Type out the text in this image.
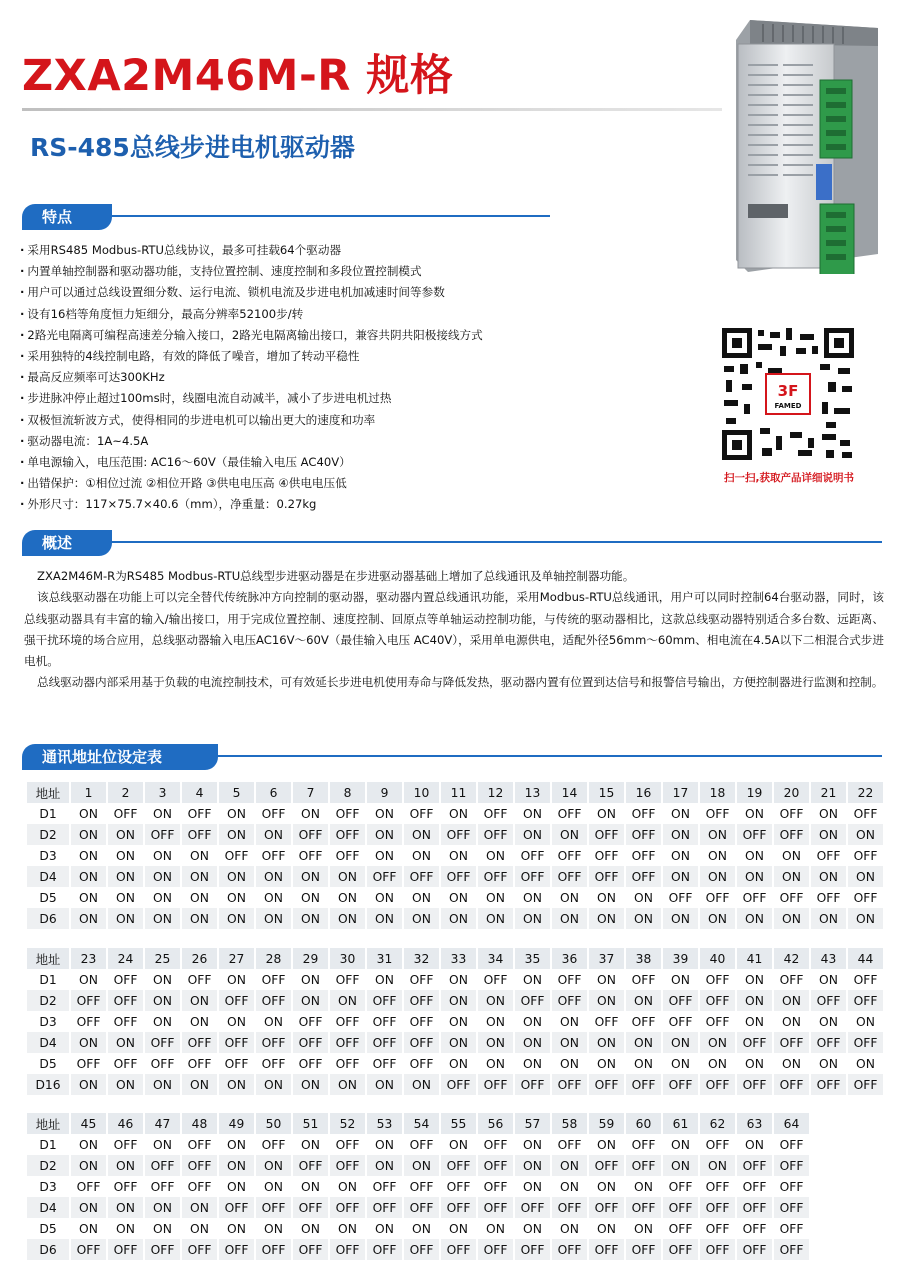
ZXA2M46M-R 规格
RS-485总线步进电机驱动器
3F
FAMED
扫一扫,获取产品详细说明书
特点
· 采用RS485 Modbus-RTU总线协议，最多可挂载64个驱动器
· 内置单轴控制器和驱动器功能，支持位置控制、速度控制和多段位置控制模式
· 用户可以通过总线设置细分数、运行电流、锁机电流及步进电机加减速时间等参数
· 设有16档等角度恒力矩细分，最高分辨率52100步/转
· 2路光电隔离可编程高速差分输入接口，2路光电隔离输出接口，兼容共阴共阳极接线方式
· 采用独特的4线控制电路，有效的降低了噪音，增加了转动平稳性
· 最高反应频率可达300KHz
· 步进脉冲停止超过100ms时，线圈电流自动减半，减小了步进电机过热
· 双极恒流斩波方式，使得相同的步进电机可以输出更大的速度和功率
· 驱动器电流：1A~4.5A
· 单电源输入，电压范围: AC16～60V（最佳输入电压 AC40V）
· 出错保护：①相位过流 ②相位开路 ③供电电压高 ④供电电压低
· 外形尺寸：117×75.7×40.6（mm），净重量：0.27kg
概述

ZXA2M46M-R为RS485 Modbus-RTU总线型步进驱动器是在步进驱动器基础上增加了总线通讯及单轴控制器功能。

该总线驱动器在功能上可以完全替代传统脉冲方向控制的驱动器，驱动器内置总线通讯功能，采用Modbus-RTU总线通讯，用户可以同时控制64台驱动器，同时，该总线驱动器具有丰富的输入/输出接口，用于完成位置控制、速度控制、回原点等单轴运动控制功能，与传统的驱动器相比，这款总线驱动器特别适合多台数、远距离、强干扰环境的场合应用，总线驱动器输入电压AC16V～60V（最佳输入电压 AC40V），采用单电源供电，适配外径56mm～60mm、相电流在4.5A以下二相混合式步进电机。

总线驱动器内部采用基于负载的电流控制技术，可有效延长步进电机使用寿命与降低发热，驱动器内置有位置到达信号和报警信号输出，方便控制器进行监测和控制。

通讯地址位设定表
地址	1	2	3	4	5	6	7	8	9	10	11	12	13	14	15	16	17	18	19	20	21	22
D1	ON	OFF	ON	OFF	ON	OFF	ON	OFF	ON	OFF	ON	OFF	ON	OFF	ON	OFF	ON	OFF	ON	OFF	ON	OFF
D2	ON	ON	OFF	OFF	ON	ON	OFF	OFF	ON	ON	OFF	OFF	ON	ON	OFF	OFF	ON	ON	OFF	OFF	ON	ON
D3	ON	ON	ON	ON	OFF	OFF	OFF	OFF	ON	ON	ON	ON	OFF	OFF	OFF	OFF	ON	ON	ON	ON	OFF	OFF
D4	ON	ON	ON	ON	ON	ON	ON	ON	OFF	OFF	OFF	OFF	OFF	OFF	OFF	OFF	ON	ON	ON	ON	ON	ON
D5	ON	ON	ON	ON	ON	ON	ON	ON	ON	ON	ON	ON	ON	ON	ON	ON	OFF	OFF	OFF	OFF	OFF	OFF
D6	ON	ON	ON	ON	ON	ON	ON	ON	ON	ON	ON	ON	ON	ON	ON	ON	ON	ON	ON	ON	ON	ON
地址	23	24	25	26	27	28	29	30	31	32	33	34	35	36	37	38	39	40	41	42	43	44
D1	ON	OFF	ON	OFF	ON	OFF	ON	OFF	ON	OFF	ON	OFF	ON	OFF	ON	OFF	ON	OFF	ON	OFF	ON	OFF
D2	OFF	OFF	ON	ON	OFF	OFF	ON	ON	OFF	OFF	ON	ON	OFF	OFF	ON	ON	OFF	OFF	ON	ON	OFF	OFF
D3	OFF	OFF	ON	ON	ON	ON	OFF	OFF	OFF	OFF	ON	ON	ON	ON	OFF	OFF	OFF	OFF	ON	ON	ON	ON
D4	ON	ON	OFF	OFF	OFF	OFF	OFF	OFF	OFF	OFF	ON	ON	ON	ON	ON	ON	ON	ON	OFF	OFF	OFF	OFF
D5	OFF	OFF	OFF	OFF	OFF	OFF	OFF	OFF	OFF	OFF	ON	ON	ON	ON	ON	ON	ON	ON	ON	ON	ON	ON
D16	ON	ON	ON	ON	ON	ON	ON	ON	ON	ON	OFF	OFF	OFF	OFF	OFF	OFF	OFF	OFF	OFF	OFF	OFF	OFF
地址	45	46	47	48	49	50	51	52	53	54	55	56	57	58	59	60	61	62	63	64
D1	ON	OFF	ON	OFF	ON	OFF	ON	OFF	ON	OFF	ON	OFF	ON	OFF	ON	OFF	ON	OFF	ON	OFF
D2	ON	ON	OFF	OFF	ON	ON	OFF	OFF	ON	ON	OFF	OFF	ON	ON	OFF	OFF	ON	ON	OFF	OFF
D3	OFF	OFF	OFF	OFF	ON	ON	ON	ON	OFF	OFF	OFF	OFF	ON	ON	ON	ON	OFF	OFF	OFF	OFF
D4	ON	ON	ON	ON	OFF	OFF	OFF	OFF	OFF	OFF	OFF	OFF	OFF	OFF	OFF	OFF	OFF	OFF	OFF	OFF
D5	ON	ON	ON	ON	ON	ON	ON	ON	ON	ON	ON	ON	ON	ON	ON	ON	OFF	OFF	OFF	OFF
D6	OFF	OFF	OFF	OFF	OFF	OFF	OFF	OFF	OFF	OFF	OFF	OFF	OFF	OFF	OFF	OFF	OFF	OFF	OFF	OFF
